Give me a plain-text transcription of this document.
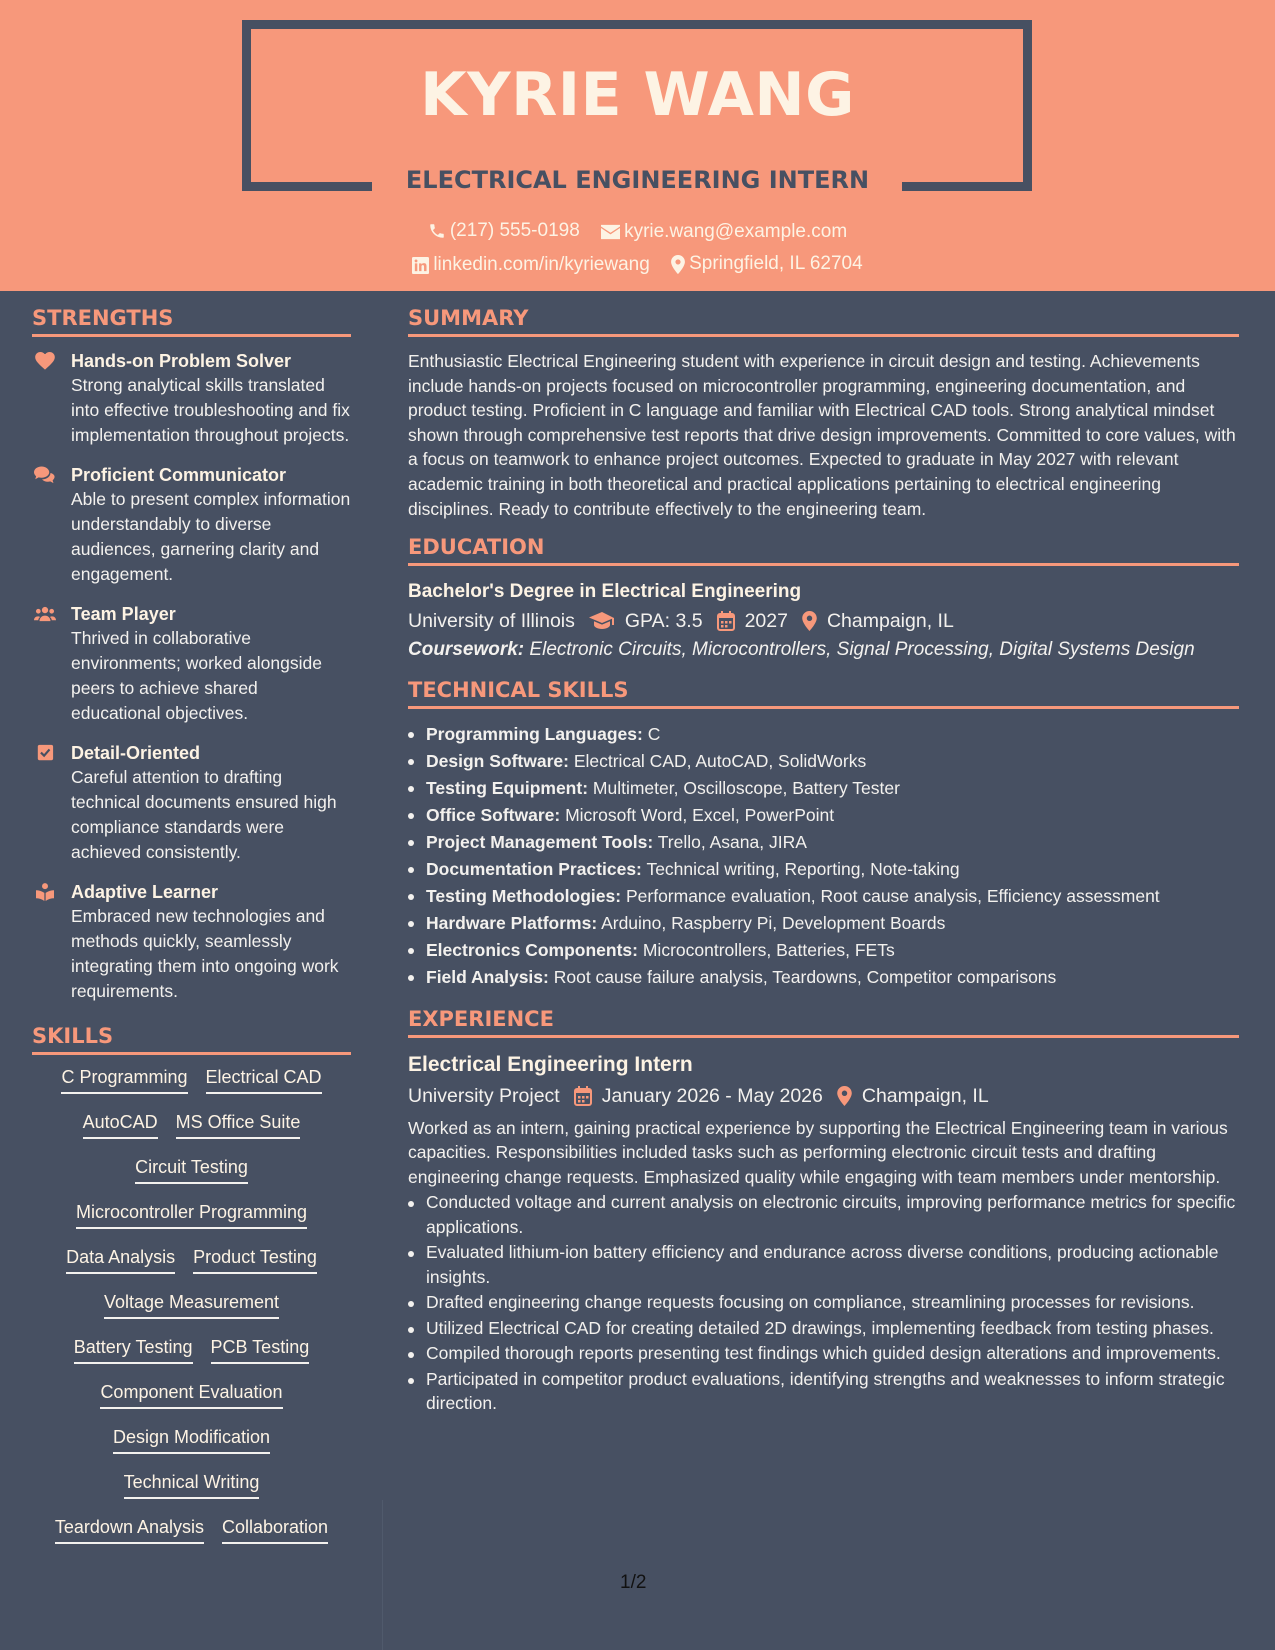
KYRIE WANG
ELECTRICAL ENGINEERING INTERN
(217) 555-0198
kyrie.wang@example.com
linkedin.com/in/kyriewang
Springfield, IL 62704
STRENGTHS
Hands-on Problem Solver
Strong analytical skills translated into effective troubleshooting and fix implementation throughout projects.
Proficient Communicator
Able to present complex information understandably to diverse audiences, garnering clarity and engagement.
Team Player
Thrived in collaborative environments; worked alongside peers to achieve shared educational objectives.
Detail-Oriented
Careful attention to drafting technical documents ensured high compliance standards were achieved consistently.
Adaptive Learner
Embraced new technologies and methods quickly, seamlessly integrating them into ongoing work requirements.
SKILLS
C Programming Electrical CAD
AutoCAD MS Office Suite
Circuit Testing
Microcontroller Programming
Data Analysis Product Testing
Voltage Measurement
Battery Testing PCB Testing
Component Evaluation
Design Modification
Technical Writing
Teardown Analysis Collaboration
SUMMARY
Enthusiastic Electrical Engineering student with experience in circuit design and testing. Achievements include hands-on projects focused on microcontroller programming, engineering documentation, and product testing. Proficient in C language and familiar with Electrical CAD tools. Strong analytical mindset shown through comprehensive test reports that drive design improvements. Committed to core values, with a focus on teamwork to enhance project outcomes. Expected to graduate in May 2027 with relevant academic training in both theoretical and practical applications pertaining to electrical engineering disciplines. Ready to contribute effectively to the engineering team.
EDUCATION
Bachelor's Degree in Electrical Engineering
University of Illinois	GPA: 3.5 2027 Champaign, IL
Coursework: Electronic Circuits, Microcontrollers, Signal Processing, Digital Systems Design
TECHNICAL SKILLS
Programming Languages: C
Design Software: Electrical CAD, AutoCAD, SolidWorks
Testing Equipment: Multimeter, Oscilloscope, Battery Tester
Office Software: Microsoft Word, Excel, PowerPoint
Project Management Tools: Trello, Asana, JIRA
Documentation Practices: Technical writing, Reporting, Note-taking
Testing Methodologies: Performance evaluation, Root cause analysis, Efficiency assessment
Hardware Platforms: Arduino, Raspberry Pi, Development Boards
Electronics Components: Microcontrollers, Batteries, FETs
Field Analysis: Root cause failure analysis, Teardowns, Competitor comparisons
EXPERIENCE
Electrical Engineering Intern
University Project January 2026 - May 2026 Champaign, IL
Worked as an intern, gaining practical experience by supporting the Electrical Engineering team in various capacities. Responsibilities included tasks such as performing electronic circuit tests and drafting engineering change requests. Emphasized quality while engaging with team members under mentorship.
Conducted voltage and current analysis on electronic circuits, improving performance metrics for specific applications.
Evaluated lithium-ion battery efficiency and endurance across diverse conditions, producing actionable insights.
Drafted engineering change requests focusing on compliance, streamlining processes for revisions.
Utilized Electrical CAD for creating detailed 2D drawings, implementing feedback from testing phases.
Compiled thorough reports presenting test findings which guided design alterations and improvements.
Participated in competitor product evaluations, identifying strengths and weaknesses to inform strategic direction.
1/2
